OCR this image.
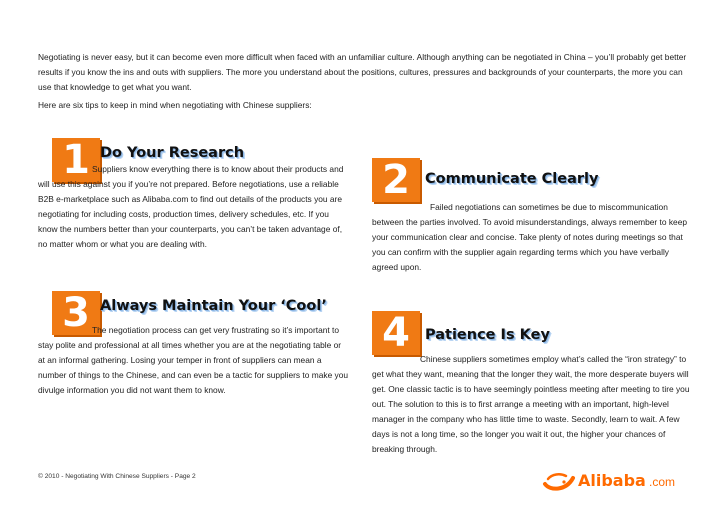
Negotiating is never easy, but it can become even more difficult when faced with an unfamiliar culture. Although anything can be negotiated in China – you’ll probably get better results if you know the ins and outs with suppliers. The more you understand about the positions, cultures, pressures and backgrounds of your counterparts, the more you can use that knowledge to get what you want.

Here are six tips to keep in mind when negotiating with Chinese suppliers:

1 Do Your Research

Suppliers know everything there is to know about their products and will use this against you if you’re not prepared. Before negotiations, use a reliable B2B e-marketplace such as Alibaba.com to find out details of the products you are negotiating for including costs, production times, delivery schedules, etc. If you know the numbers better than your counterparts, you can’t be taken advantage of, no matter whom or what you are dealing with.

2	Communicate Clearly

Failed negotiations can sometimes be due to miscommunication between the parties involved. To avoid misunderstandings, always remember to keep your communication clear and concise. Take plenty of notes during meetings so that you can confirm with the supplier again regarding terms which you have verbally agreed upon.

3 Always Maintain Your ‘Cool’

The negotiation process can get very frustrating so it’s important to stay polite and professional at all times whether you are at the negotiating table or at an informal gathering. Losing your temper in front of suppliers can mean a number of things to the Chinese, and can even be a tactic for suppliers to make you divulge information you did not want them to know.

4	Patience Is Key

Chinese suppliers sometimes employ what’s called the “iron strategy” to get what they want, meaning that the longer they wait, the more desperate buyers will get. One classic tactic is to have seemingly pointless meeting after meeting to tire you out. The solution to this is to first arrange a meeting with an important, high-level manager in the company who has little time to waste. Secondly, learn to wait. A few days is not a long time, so the longer you wait it out, the higher your chances of breaking through.

© 2010 - Negotiating With Chinese Suppliers - Page 2	Alibaba .com
